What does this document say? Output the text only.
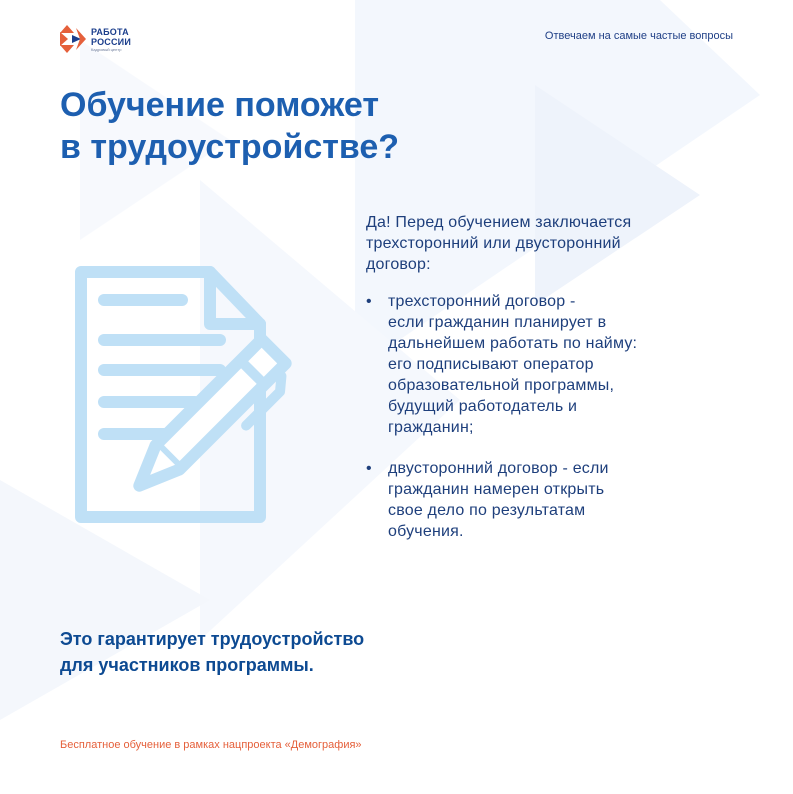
РАБОТА
РОССИИ
Кадровый центр
Отвечаем на самые частые вопросы
Обучение поможет
в трудоустройстве?

Да! Перед обучением заключается
трехсторонний или двусторонний
договор:

• трехсторонний договор -
если гражданин планирует в
дальнейшем работать по найму:
его подписывают оператор
образовательной программы,
будущий работодатель и
гражданин;
• двусторонний договор - если
гражданин намерен открыть
свое дело по результатам
обучения.
Это гарантирует трудоустройство
для участников программы.
Бесплатное обучение в рамках нацпроекта «Демография»
